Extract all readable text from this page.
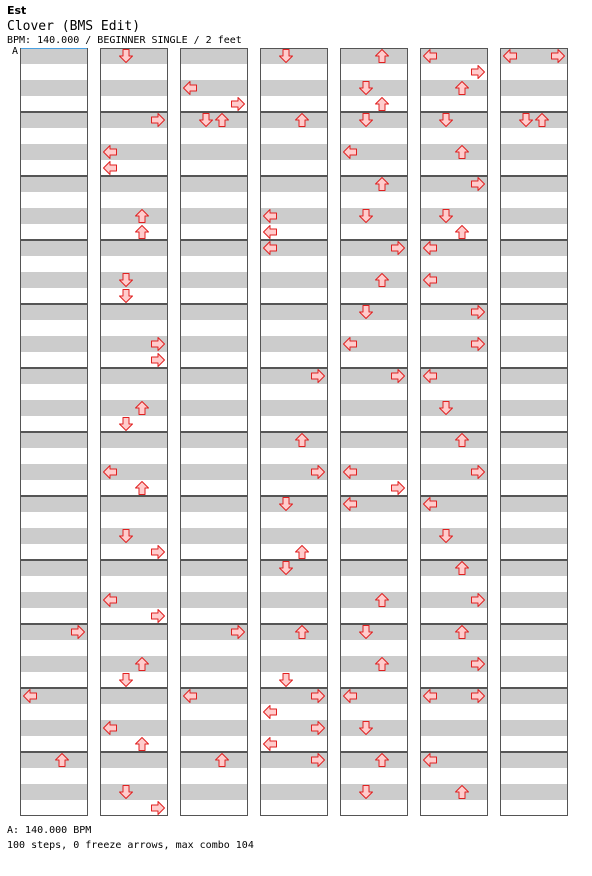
Est
Clover (BMS Edit)
BPM: 140.000 / BEGINNER SINGLE / 2 feet
A
A: 140.000 BPM
100 steps, 0 freeze arrows, max combo 104
